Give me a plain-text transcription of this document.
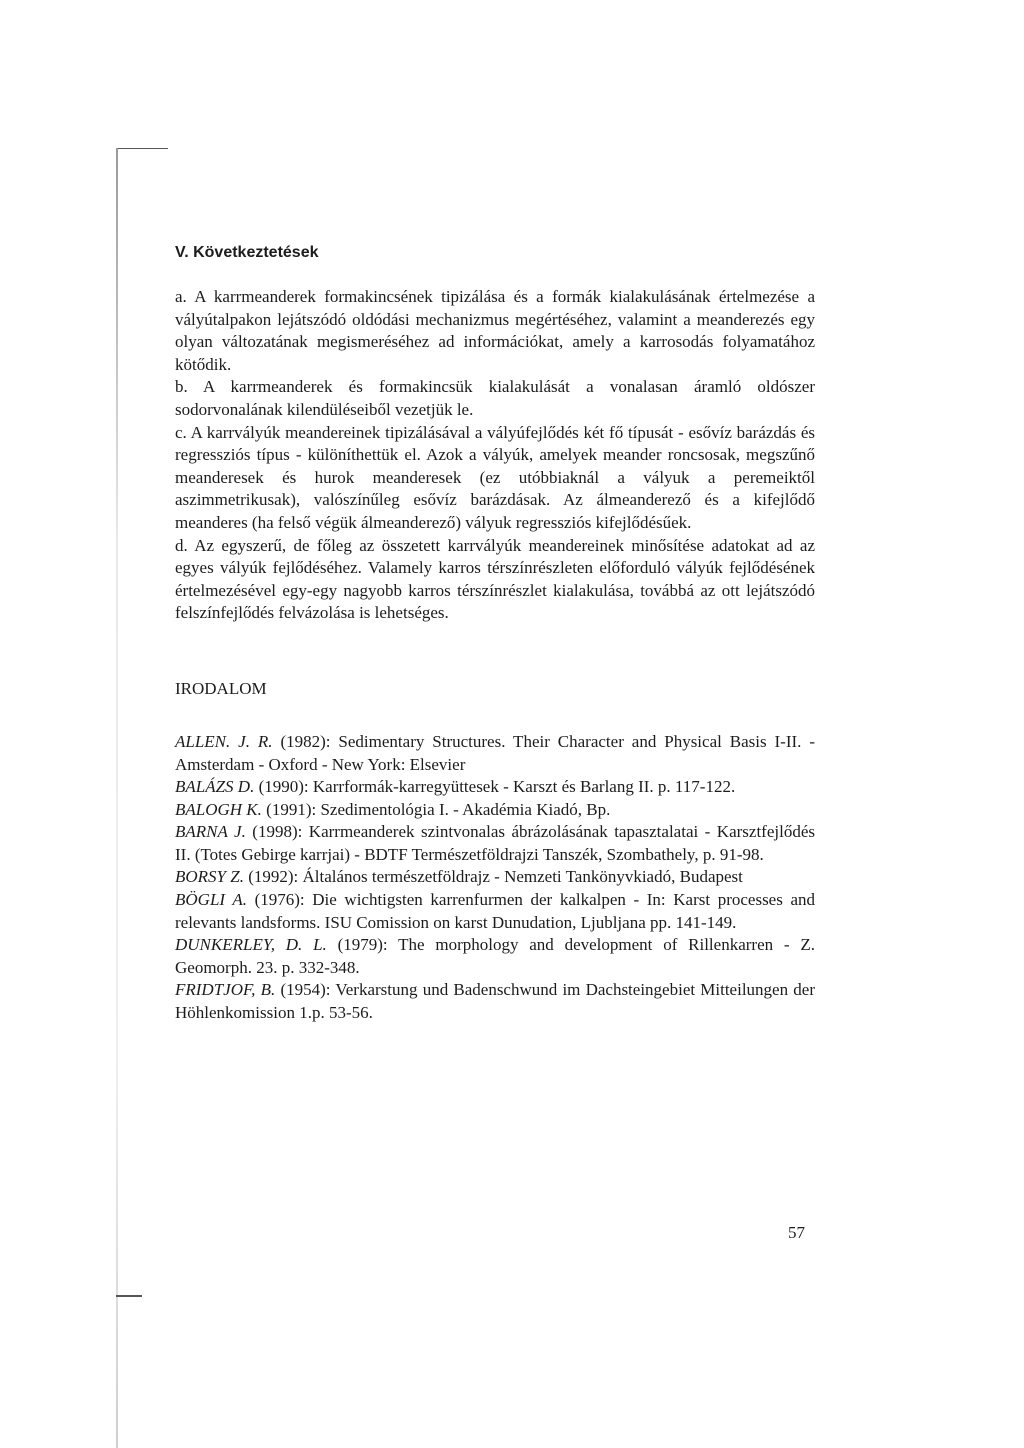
V. Következtetések

a. A karrmeanderek formakincsének tipizálása és a formák kialakulásának értelmezése a vályútalpakon lejátszódó oldódási mechanizmus megértéséhez, valamint a meanderezés egy olyan változatának megismeréséhez ad információkat, amely a karrosodás folyamatához kötődik.

b. A karrmeanderek és formakincsük kialakulását a vonalasan áramló oldószer sodorvonalának kilendüléseiből vezetjük le.

c. A karrvályúk meandereinek tipizálásával a vályúfejlődés két fő típusát - esővíz barázdás és regressziós típus - különíthettük el. Azok a vályúk, amelyek meander roncsosak, megszűnő meanderesek és hurok meanderesek (ez utóbbiaknál a vályuk a peremeiktől aszimmetrikusak), valószínűleg esővíz barázdásak. Az álmeanderező és a kifejlődő meanderes (ha felső végük álmeanderező) vályuk regressziós kifejlődésűek.

d. Az egyszerű, de főleg az összetett karrvályúk meandereinek minősítése adatokat ad az egyes vályúk fejlődéséhez. Valamely karros térszínrészleten előforduló vályúk fejlődésének értelmezésével egy-egy nagyobb karros térszínrészlet kialakulása, továbbá az ott lejátszódó felszínfejlődés felvázolása is lehetséges.

IRODALOM

ALLEN. J. R. (1982): Sedimentary Structures. Their Character and Physical Basis I-II. - Amsterdam - Oxford - New York: Elsevier

BALÁZS D. (1990): Karrformák-karregyüttesek - Karszt és Barlang II. p. 117-122.

BALOGH K. (1991): Szedimentológia I. - Akadémia Kiadó, Bp.

BARNA J. (1998): Karrmeanderek szintvonalas ábrázolásának tapasztalatai - Karsztfejlődés II. (Totes Gebirge karrjai) - BDTF Természetföldrajzi Tanszék, Szombathely, p. 91-98.

BORSY Z. (1992): Általános természetföldrajz - Nemzeti Tankönyvkiadó, Budapest

BÖGLI A. (1976): Die wichtigsten karrenfurmen der kalkalpen - In: Karst processes and relevants landsforms. ISU Comission on karst Dunudation, Ljubljana pp. 141-149.

DUNKERLEY, D. L. (1979): The morphology and development of Rillenkarren - Z. Geomorph. 23. p. 332-348.

FRIDTJOF, B. (1954): Verkarstung und Badenschwund im Dachsteingebiet Mitteilungen der Höhlenkomission 1.p. 53-56.

57
